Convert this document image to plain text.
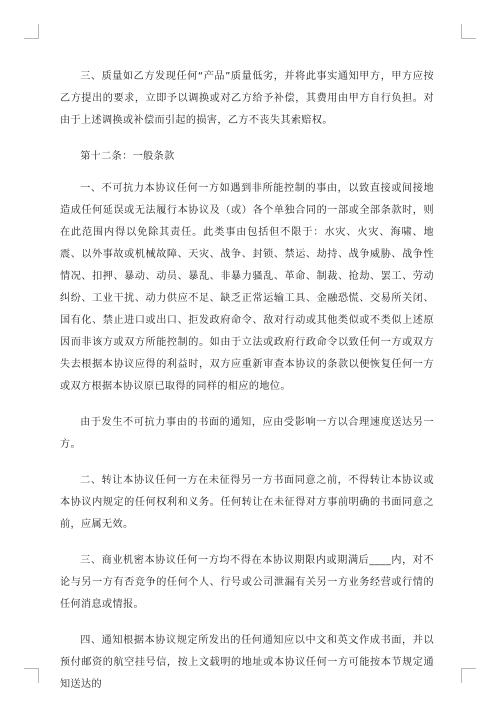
三、质量如乙方发现任何“产品”质量低劣，并将此事实通知甲方，甲方应按乙方提出的要求，立即予以调换或对乙方给予补偿，其费用由甲方自行负担。对由于上述调换或补偿而引起的损害，乙方不丧失其索赔权。

第十二条：一般条款

一、不可抗力本协议任何一方如遇到非所能控制的事由，以致直接或间接地造成任何延误或无法履行本协议及（或）各个单独合同的一部或全部条款时，则在此范围内得以免除其责任。此类事由包括但不限于：水灾、火灾、海啸、地震、以外事故或机械故障、天灾、战争、封锁、禁运、劫持、战争威胁、战争性情况、扣押、暴动、动员、暴乱、非暴力骚乱、革命、制裁、抢劫、罢工、劳动纠纷、工业干扰、动力供应不足、缺乏正常运输工具、金融恐慌、交易所关闭、国有化、禁止进口或出口、拒发政府命令、敌对行动或其他类似或不类似上述原因而非该方或双方所能控制的。如由于立法或政府行政命令以致任何一方或双方失去根据本协议应得的利益时，双方应重新审查本协议的条款以便恢复任何一方或双方根据本协议原已取得的同样的相应的地位。

由于发生不可抗力事由的书面的通知，应由受影响一方以合理速度送达另一方。

二、转让本协议任何一方在未征得另一方书面同意之前，不得转让本协议或本协议内规定的任何权利和义务。任何转让在未征得对方事前明确的书面同意之前，应属无效。

三、商业机密本协议任何一方均不得在本协议期限内或期满后____内，对不论与另一方有否竞争的任何个人、行号或公司泄漏有关另一方业务经营或行情的任何消息或情报。

四、通知根据本协议规定所发出的任何通知应以中文和英文作成书面，并以预付邮资的航空挂号信，按上文载明的地址或本协议任何一方可能按本节规定通知送达的
